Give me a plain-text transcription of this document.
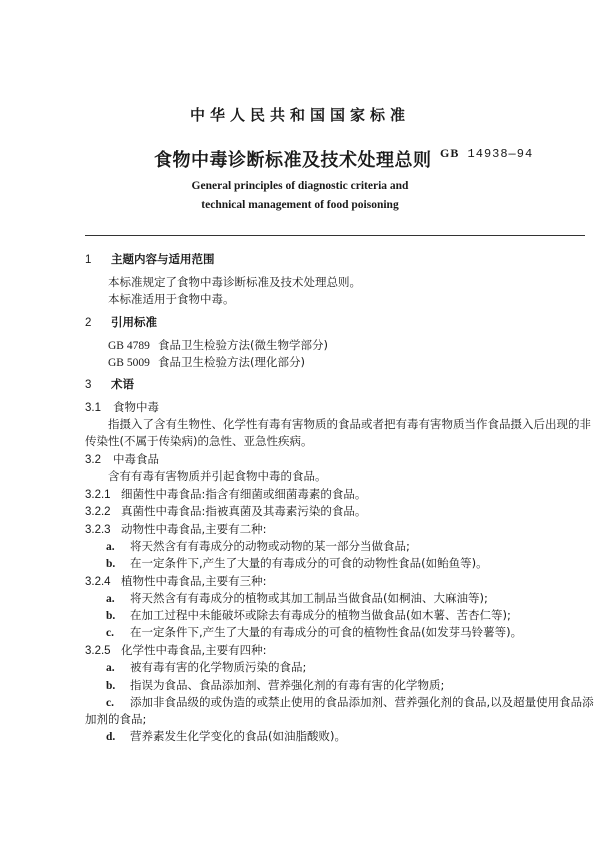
中华人民共和国国家标准
食物中毒诊断标准及技术处理总则 GB 14938—94
General principles of diagnostic criteria and
technical management of food poisoning
1 主题内容与适用范围
本标准规定了食物中毒诊断标准及技术处理总则。
本标准适用于食物中毒。
2 引用标准
GB 4789 食品卫生检验方法(微生物学部分)
GB 5009 食品卫生检验方法(理化部分)
3 术语
3.1 食物中毒
指摄入了含有生物性、化学性有毒有害物质的食品或者把有毒有害物质当作食品摄入后出现的非
传染性(不属于传染病)的急性、亚急性疾病。
3.2 中毒食品
含有有毒有害物质并引起食物中毒的食品。
3.2.1 细菌性中毒食品:指含有细菌或细菌毒素的食品。
3.2.2 真菌性中毒食品:指被真菌及其毒素污染的食品。
3.2.3 动物性中毒食品,主要有二种:
a. 将天然含有有毒成分的动物或动物的某一部分当做食品;
b. 在一定条件下,产生了大量的有毒成分的可食的动物性食品(如鲐鱼等)。
3.2.4 植物性中毒食品,主要有三种:
a. 将天然含有有毒成分的植物或其加工制品当做食品(如桐油、大麻油等);
b. 在加工过程中未能破坏或除去有毒成分的植物当做食品(如木薯、苦杏仁等);
c. 在一定条件下,产生了大量的有毒成分的可食的植物性食品(如发芽马铃薯等)。
3.2.5 化学性中毒食品,主要有四种:
a. 被有毒有害的化学物质污染的食品;
b. 指误为食品、食品添加剂、营养强化剂的有毒有害的化学物质;
c. 添加非食品级的或伪造的或禁止使用的食品添加剂、营养强化剂的食品,以及超量使用食品添
加剂的食品;
d. 营养素发生化学变化的食品(如油脂酸败)。
